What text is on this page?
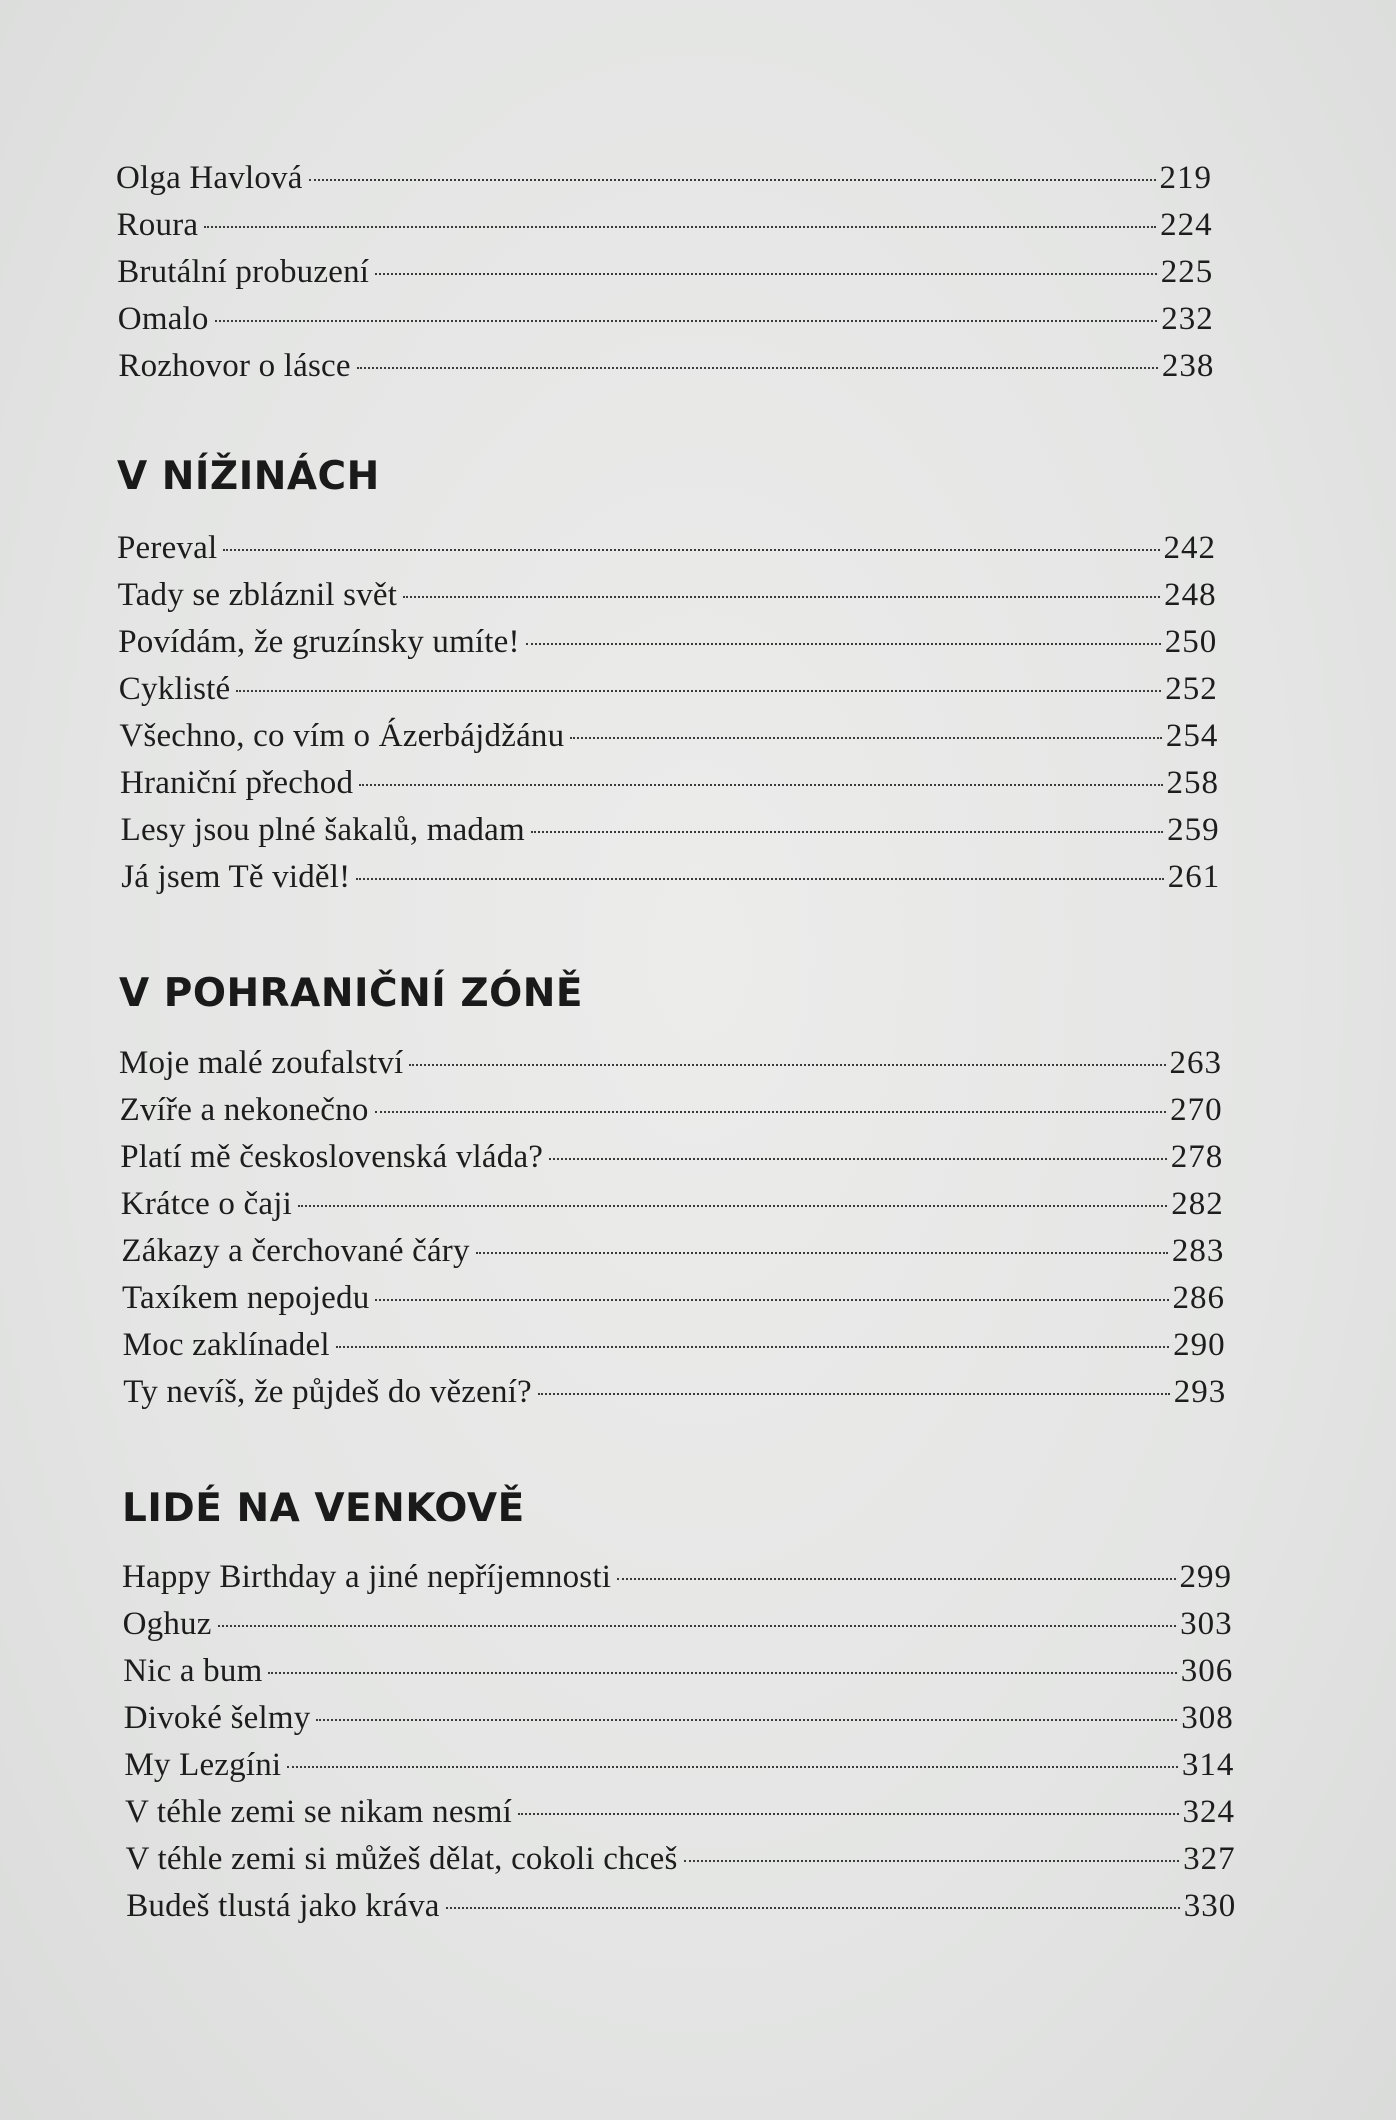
Olga Havlová	219
Roura	224
Brutální probuzení	225
Omalo	232
Rozhovor o lásce	238
V NÍŽINÁCH
Pereval	242
Tady se zbláznil svět	248
Povídám, že gruzínsky umíte!	250
Cyklisté	252
Všechno, co vím o Ázerbájdžánu	254
Hraniční přechod	258
Lesy jsou plné šakalů, madam	259
Já jsem Tě viděl!	261
V POHRANIČNÍ ZÓNĚ
Moje malé zoufalství	263
Zvíře a nekonečno	270
Platí mě československá vláda?	278
Krátce o čaji	282
Zákazy a čerchované čáry	283
Taxíkem nepojedu	286
Moc zaklínadel	290
Ty nevíš, že půjdeš do vězení?	293
LIDÉ NA VENKOVĚ
Happy Birthday a jiné nepříjemnosti	299
Oghuz	303
Nic a bum	306
Divoké šelmy	308
My Lezgíni	314
V téhle zemi se nikam nesmí	324
V téhle zemi si můžeš dělat, cokoli chceš	327
Budeš tlustá jako kráva	330
